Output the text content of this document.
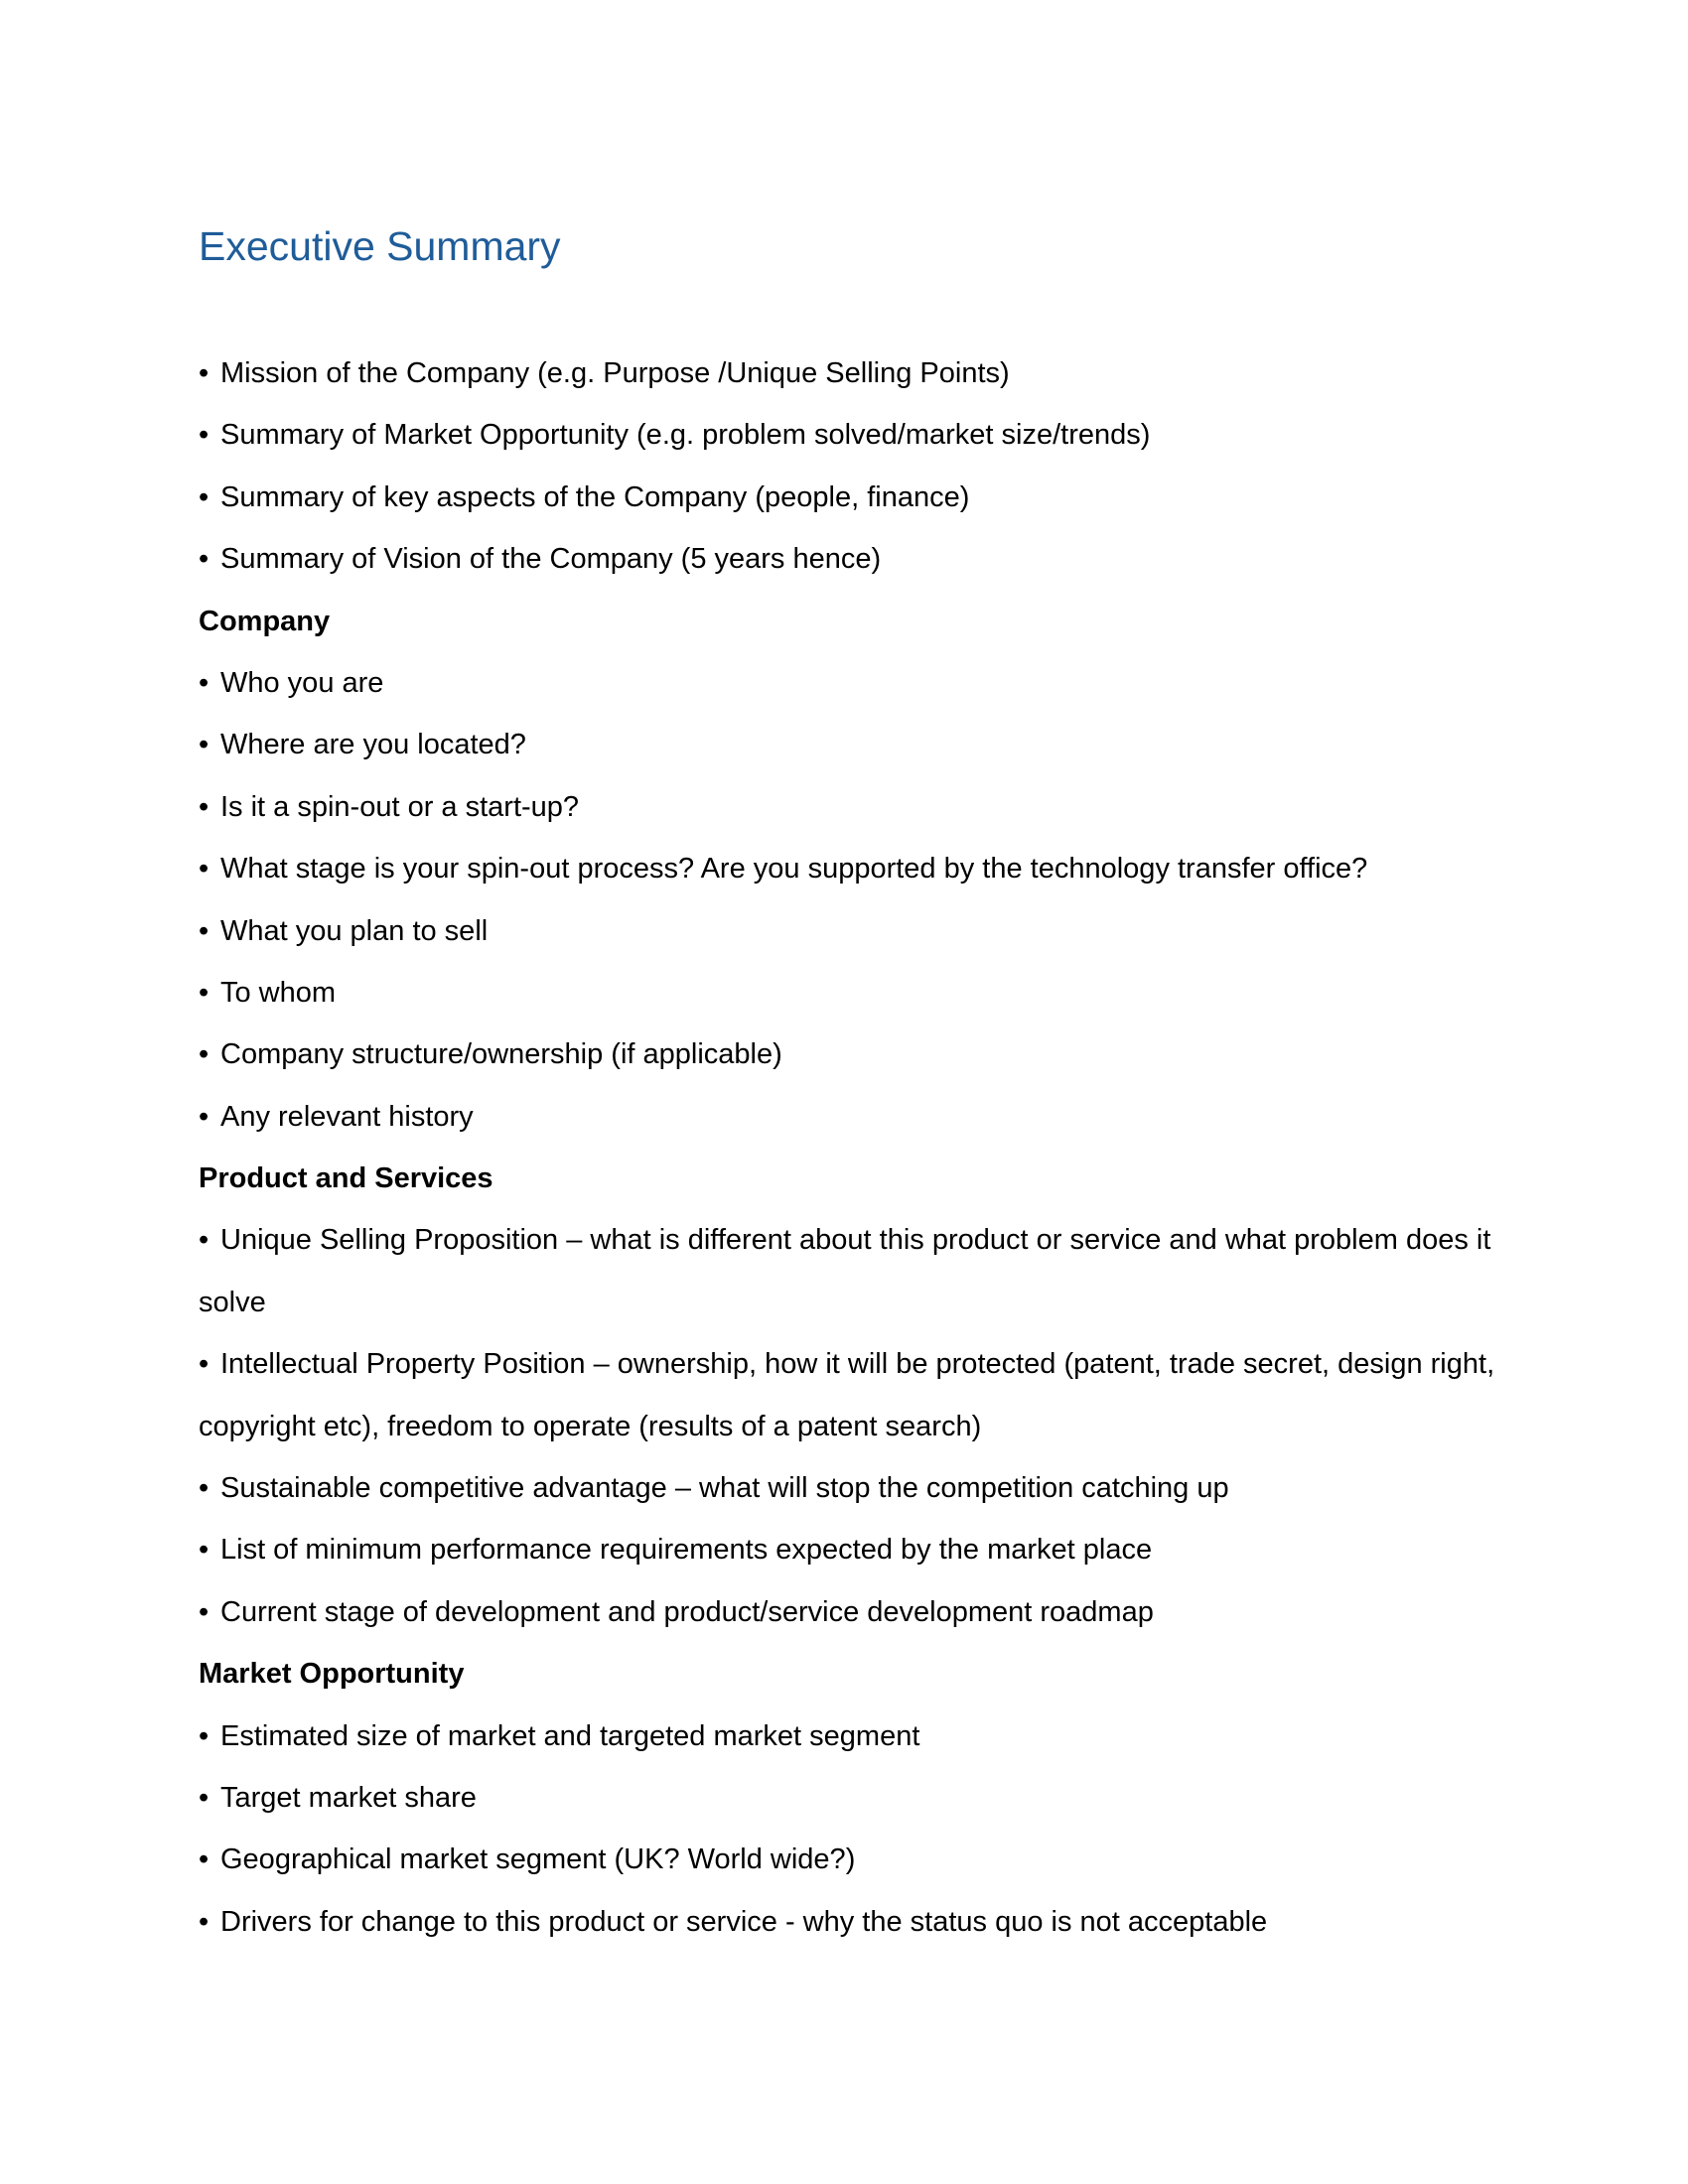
Executive Summary

• Mission of the Company (e.g. Purpose /Unique Selling Points)

• Summary of Market Opportunity (e.g. problem solved/market size/trends)

• Summary of key aspects of the Company (people, finance)

• Summary of Vision of the Company (5 years hence)

Company

• Who you are

• Where are you located?

• Is it a spin-out or a start-up?

• What stage is your spin-out process? Are you supported by the technology transfer office?

• What you plan to sell

• To whom

• Company structure/ownership (if applicable)

• Any relevant history

Product and Services

• Unique Selling Proposition – what is different about this product or service and what problem does it

solve

• Intellectual Property Position – ownership, how it will be protected (patent, trade secret, design right,

copyright etc), freedom to operate (results of a patent search)

• Sustainable competitive advantage – what will stop the competition catching up

• List of minimum performance requirements expected by the market place

• Current stage of development and product/service development roadmap

Market Opportunity

• Estimated size of market and targeted market segment

• Target market share

• Geographical market segment (UK? World wide?)

• Drivers for change to this product or service - why the status quo is not acceptable
